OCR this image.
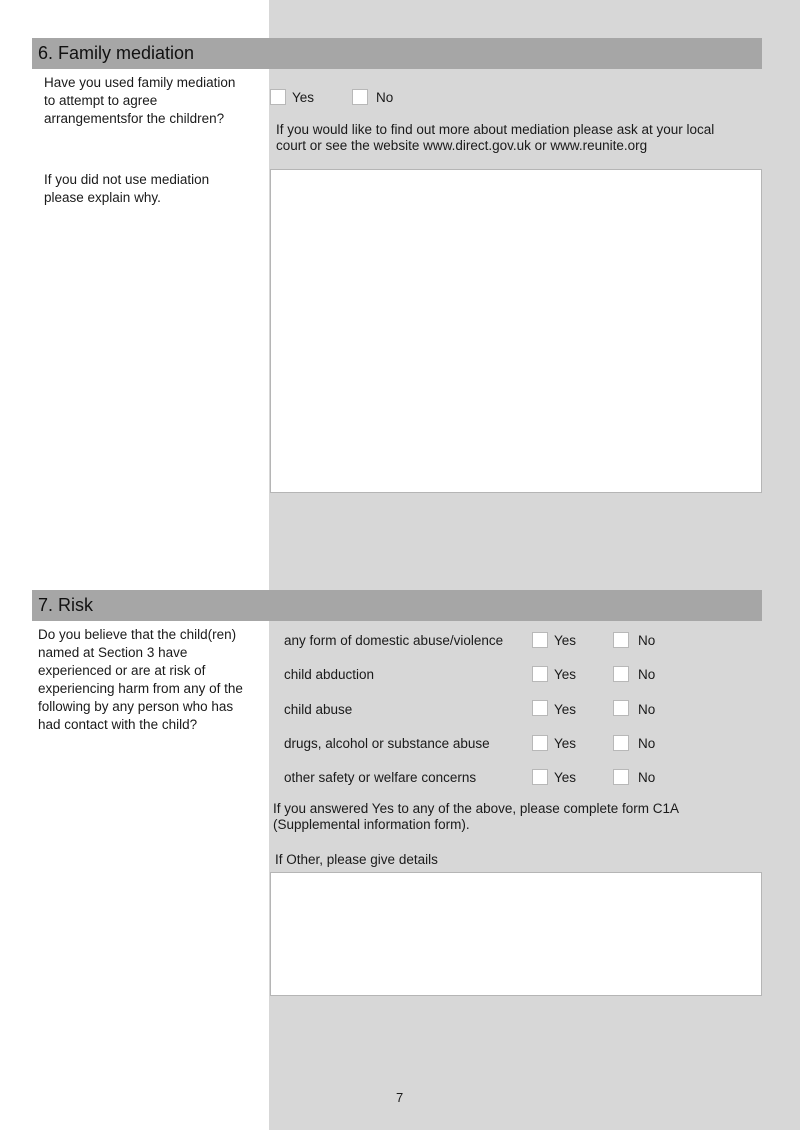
6. Family mediation
Have you used family mediation
to attempt to agree
arrangementsfor the children?
Yes	No
If you would like to find out more about mediation please ask at your local
court or see the website www.direct.gov.uk or www.reunite.org
If you did not use mediation
please explain why.
7. Risk
Do you believe that the child(ren)
named at Section 3 have
experienced or are at risk of
experiencing harm from any of the
following by any person who has
had contact with the child?
any form of domestic abuse/violence	Yes	No
child abduction	Yes	No
child abuse	Yes	No
drugs, alcohol or substance abuse	Yes	No
other safety or welfare concerns	Yes	No
If you answered Yes to any of the above, please complete form C1A
(Supplemental information form).
If Other, please give details
7
